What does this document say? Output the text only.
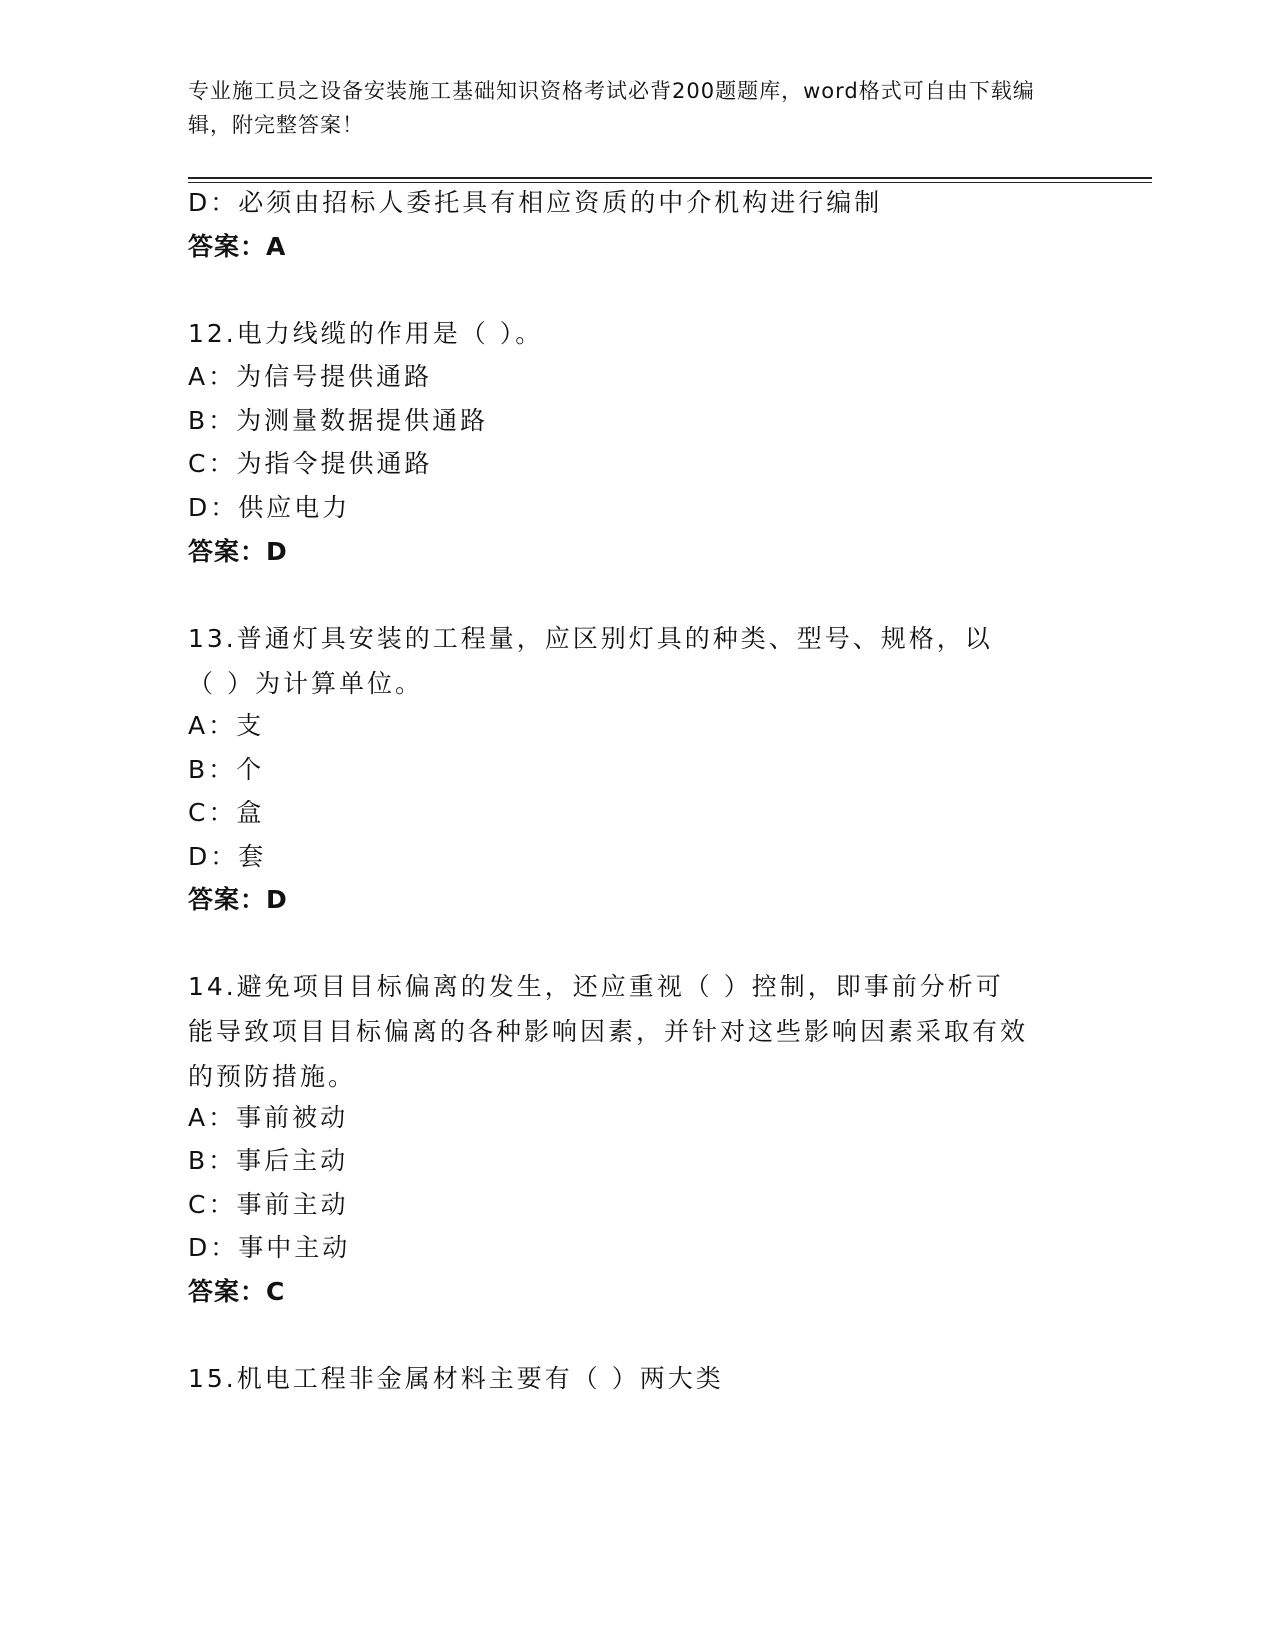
专业施工员之设备安装施工基础知识资格考试必背200题题库，word格式可自由下载编辑，附完整答案！
D：必须由招标人委托具有相应资质的中介机构进行编制
答案：A
12.电力线缆的作用是（ ）。
A：为信号提供通路
B：为测量数据提供通路
C：为指令提供通路
D：供应电力
答案：D
13.普通灯具安装的工程量，应区别灯具的种类、型号、规格，以（ ）为计算单位。
A：支
B：个
C：盒
D：套
答案：D
14.避免项目目标偏离的发生，还应重视（ ）控制，即事前分析可能导致项目目标偏离的各种影响因素，并针对这些影响因素采取有效的预防措施。
A：事前被动
B：事后主动
C：事前主动
D：事中主动
答案：C
15.机电工程非金属材料主要有（ ）两大类
